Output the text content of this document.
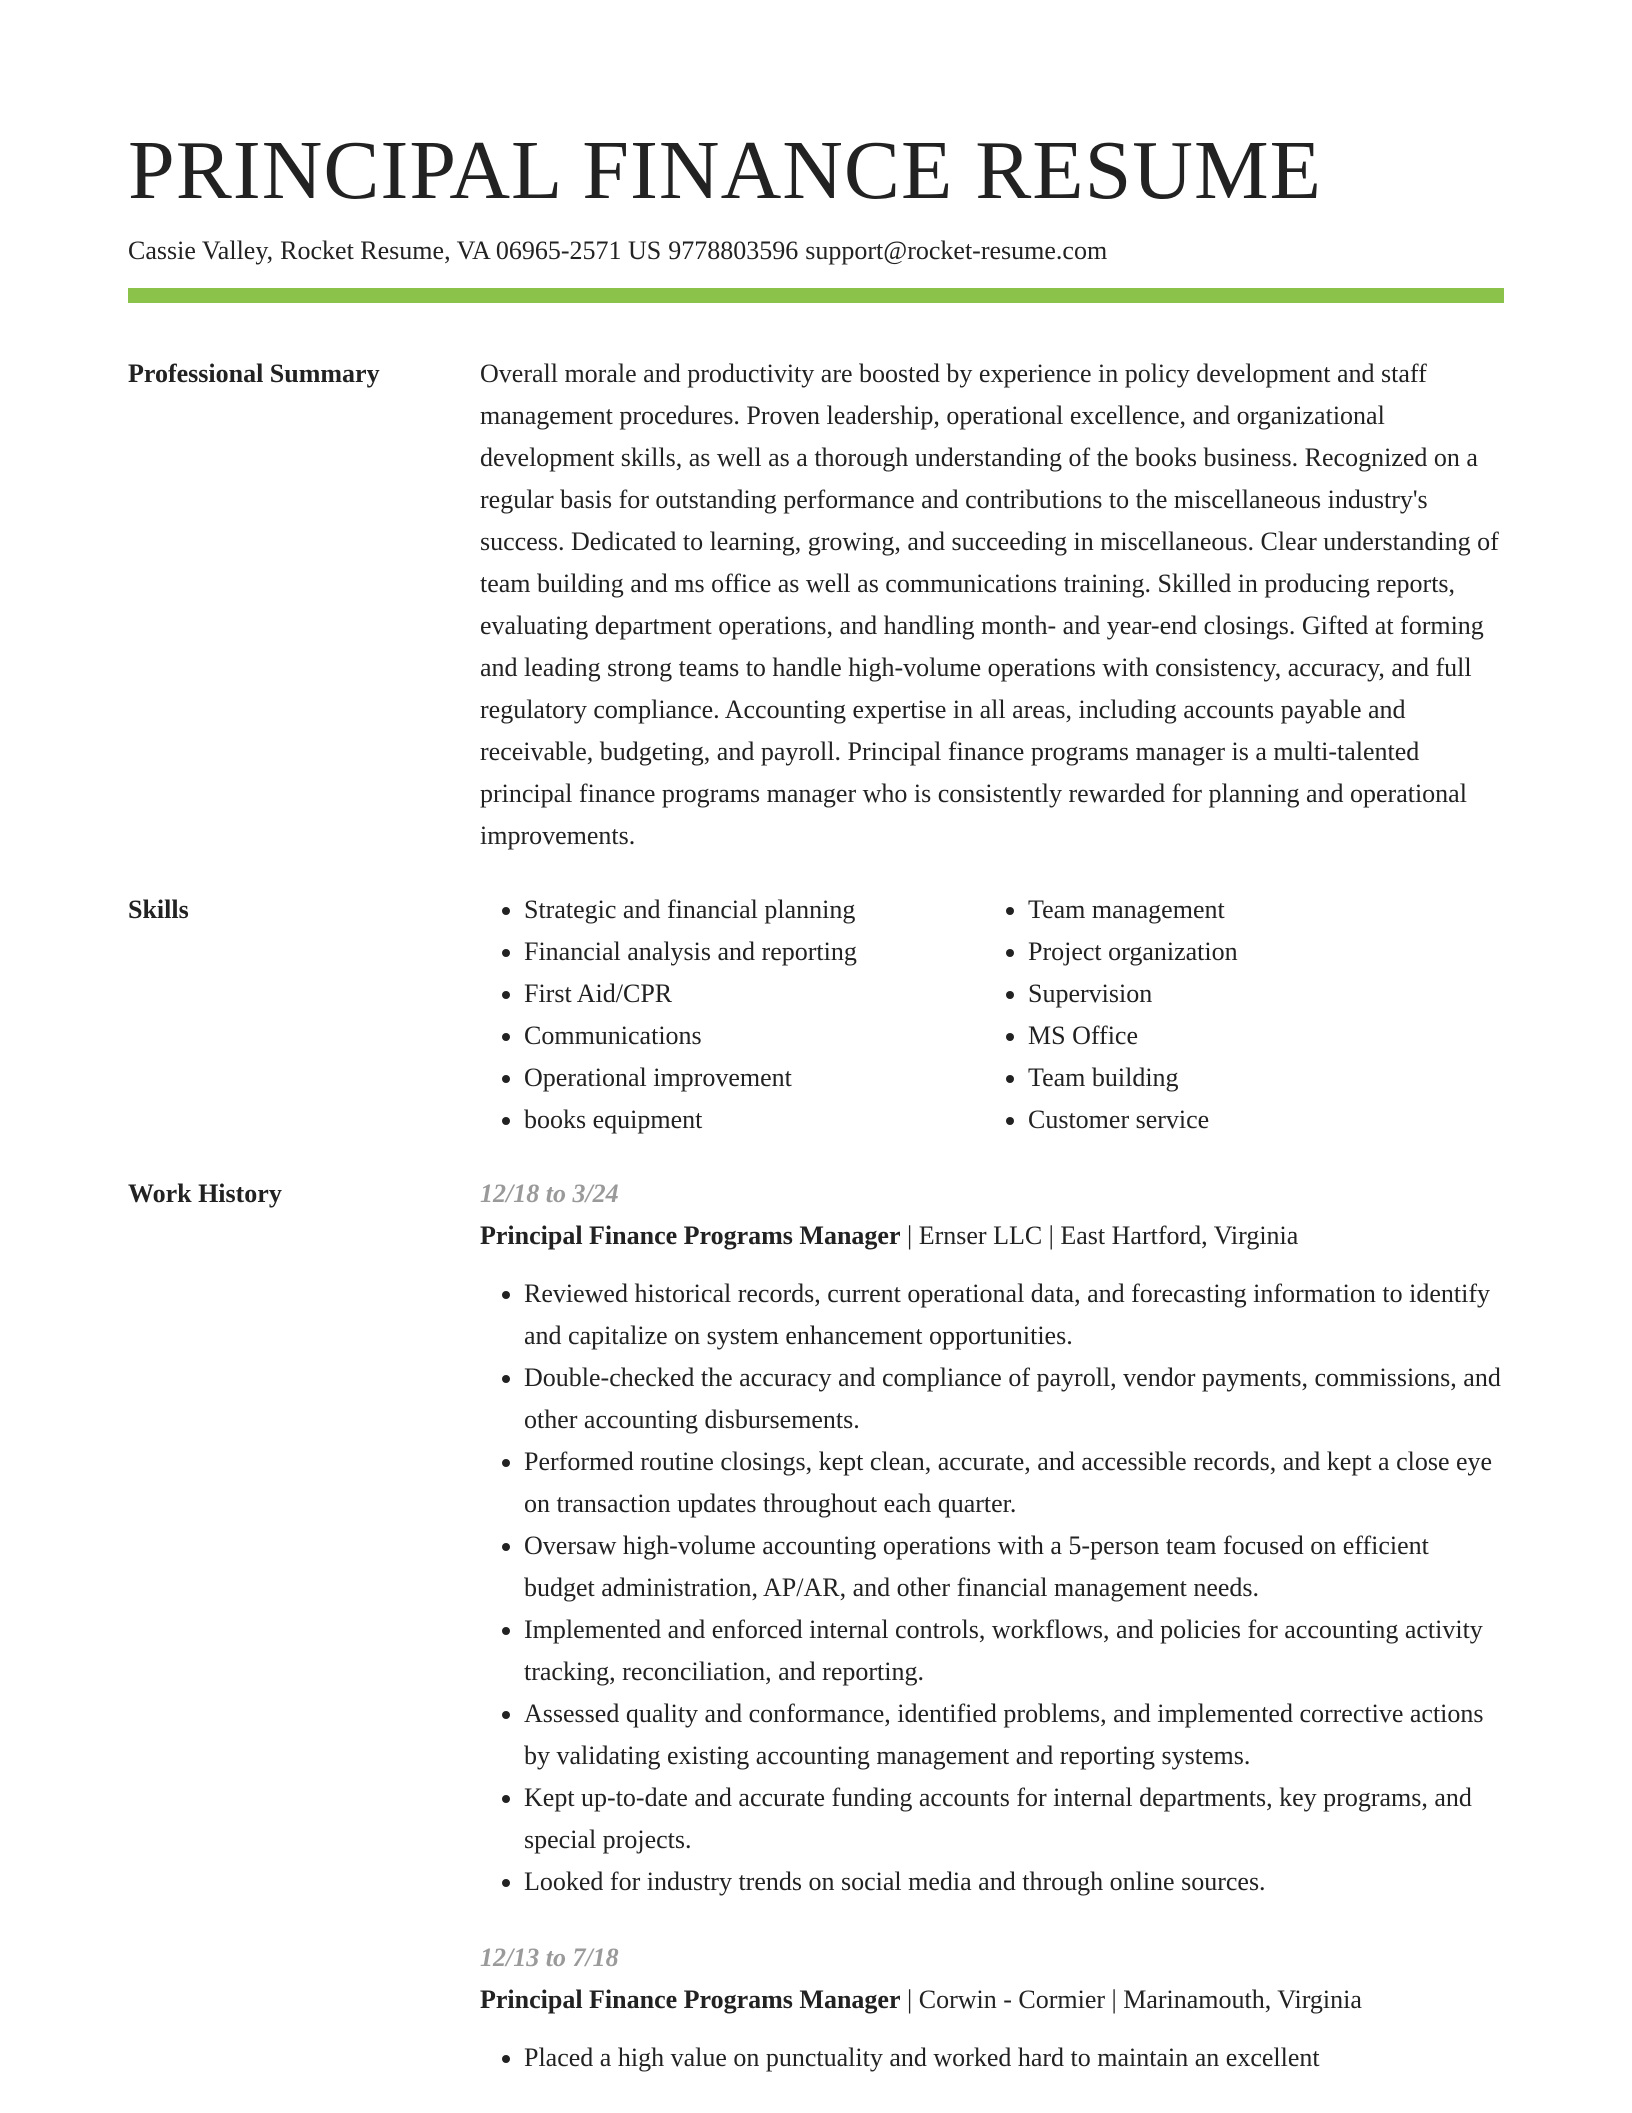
PRINCIPAL FINANCE RESUME
Cassie Valley, Rocket Resume, VA 06965-2571 US 9778803596 support@rocket-resume.com
Professional Summary	Overall morale and productivity are boosted by experience in policy development and staff management procedures. Proven leadership, operational excellence, and organizational development skills, as well as a thorough understanding of the books business. Recognized on a regular basis for outstanding performance and contributions to the miscellaneous industry's success. Dedicated to learning, growing, and succeeding in miscellaneous. Clear understanding of team building and ms office as well as communications training. Skilled in producing reports, evaluating department operations, and handling month- and year-end closings. Gifted at forming and leading strong teams to handle high-volume operations with consistency, accuracy, and full regulatory compliance. Accounting expertise in all areas, including accounts payable and receivable, budgeting, and payroll. Principal finance programs manager is a multi-talented principal finance programs manager who is consistently rewarded for planning and operational improvements.

Skills
•	Strategic and financial planning
• Financial analysis and reporting
• First Aid/CPR
• Communications
• Operational improvement
• books equipment
• Team management
• Project organization
• Supervision
• MS Office
• Team building
• Customer service
Work History	12/18 to 3/24
Principal Finance Programs Manager | Ernser LLC | East Hartford, Virginia
• Reviewed historical records, current operational data, and forecasting information to identify and capitalize on system enhancement opportunities.
• Double-checked the accuracy and compliance of payroll, vendor payments, commissions, and other accounting disbursements.
• Performed routine closings, kept clean, accurate, and accessible records, and kept a close eye on transaction updates throughout each quarter.
• Oversaw high-volume accounting operations with a 5-person team focused on efficient budget administration, AP/AR, and other financial management needs.
• Implemented and enforced internal controls, workflows, and policies for accounting activity tracking, reconciliation, and reporting.
• Assessed quality and conformance, identified problems, and implemented corrective actions by validating existing accounting management and reporting systems.
• Kept up-to-date and accurate funding accounts for internal departments, key programs, and special projects.
• Looked for industry trends on social media and through online sources.
12/13 to 7/18
Principal Finance Programs Manager | Corwin - Cormier | Marinamouth, Virginia
• Placed a high value on punctuality and worked hard to maintain an excellent
